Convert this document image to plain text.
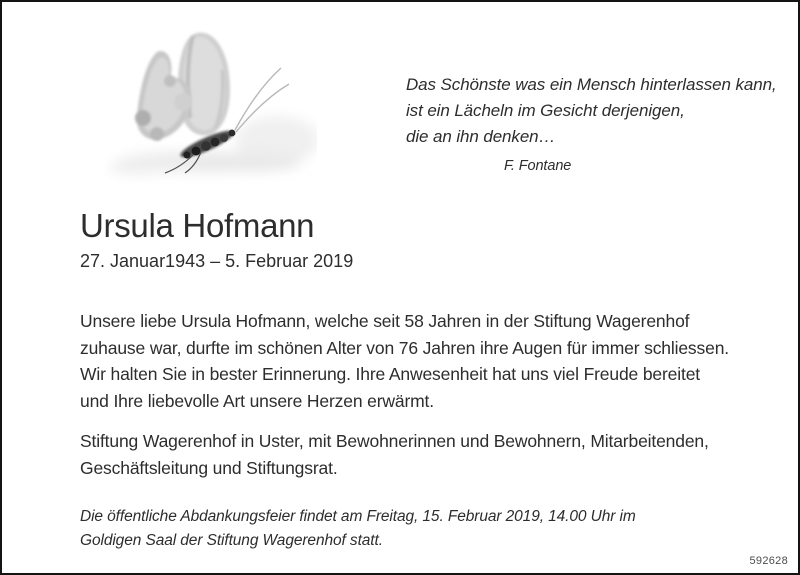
Das Schönste was ein Mensch hinterlassen kann,
ist ein Lächeln im Gesicht derjenigen,
die an ihn denken…
F. Fontane
Ursula Hofmann
27. Januar1943 – 5. Februar 2019
Unsere liebe Ursula Hofmann, welche seit 58 Jahren in der Stiftung Wagerenhof
zuhause war, durfte im schönen Alter von 76 Jahren ihre Augen für immer schliessen.
Wir halten Sie in bester Erinnerung. Ihre Anwesenheit hat uns viel Freude bereitet
und Ihre liebevolle Art unsere Herzen erwärmt.
Stiftung Wagerenhof in Uster, mit Bewohnerinnen und Bewohnern, Mitarbeitenden,
Geschäftsleitung und Stiftungsrat.
Die öffentliche Abdankungsfeier findet am Freitag, 15. Februar 2019, 14.00 Uhr im
Goldigen Saal der Stiftung Wagerenhof statt.
592628
